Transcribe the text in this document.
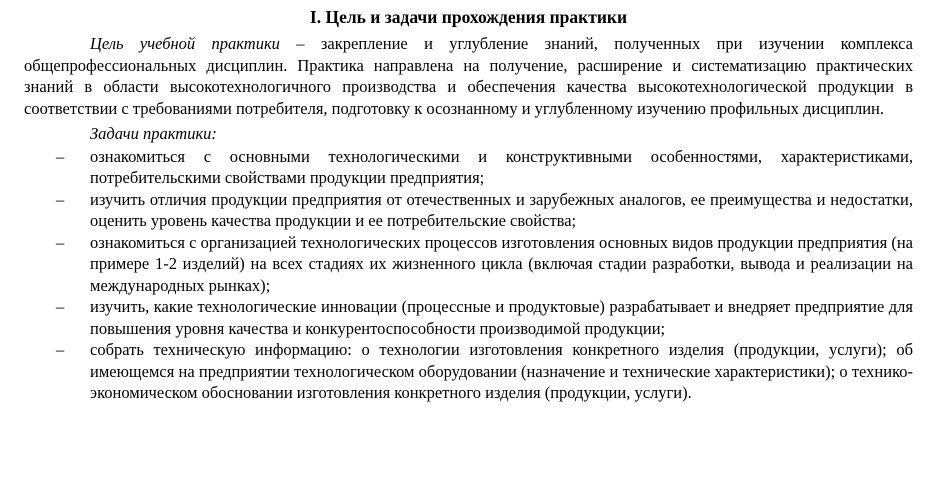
I. Цель и задачи прохождения практики

Цель учебной практики – закрепление и углубление знаний, полученных при изучении комплекса общепрофессиональных дисциплин. Практика направлена на получение, расширение и систематизацию практических знаний в области высокотехнологичного производства и обеспечения качества высокотехнологической продукции в соответствии с требованиями потребителя, подготовку к осознанному и углубленному изучению профильных дисциплин.

Задачи практики:
– ознакомиться с основными технологическими и конструктивными особенностями, характеристиками, потребительскими свойствами продукции предприятия;
– изучить отличия продукции предприятия от отечественных и зарубежных аналогов, ее преимущества и недостатки, оценить уровень качества продукции и ее потребительские свойства;
– ознакомиться с организацией технологических процессов изготовления основных видов продукции предприятия (на примере 1-2 изделий) на всех стадиях их жизненного цикла (включая стадии разработки, вывода и реализации на международных рынках);
– изучить, какие технологические инновации (процессные и продуктовые) разрабатывает и внедряет предприятие для повышения уровня качества и конкурентоспособности производимой продукции;
– собрать техническую информацию: о технологии изготовления конкретного изделия (продукции, услуги); об имеющемся на предприятии технологическом оборудовании (назначение и технические характеристики); о технико-экономическом обосновании изготовления конкретного изделия (продукции, услуги).
